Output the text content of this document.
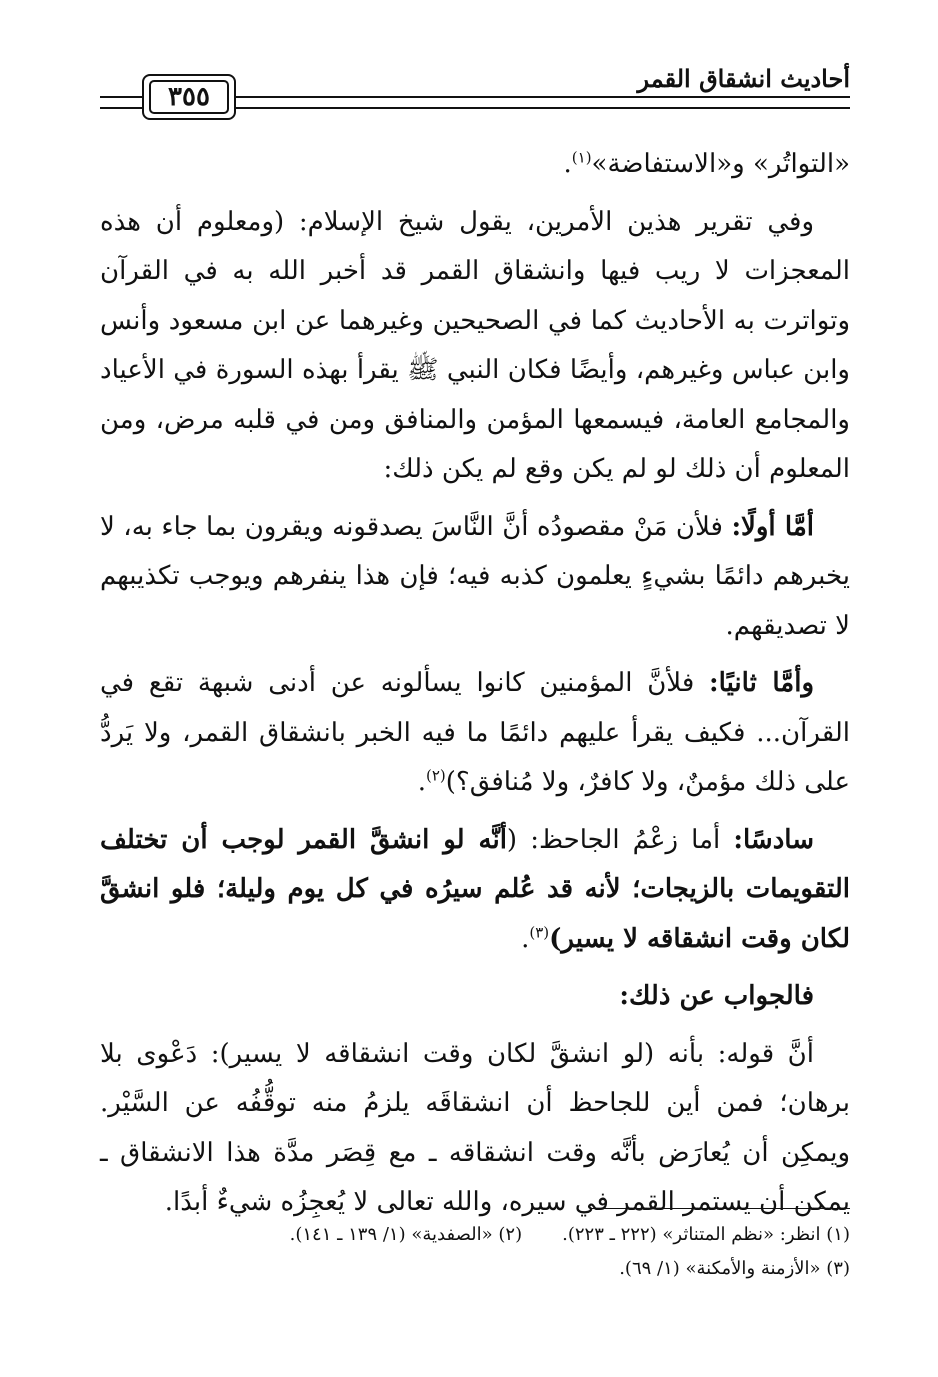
أحاديث انشقاق القمر
٣٥٥

«التواتُر» و«الاستفاضة»$^{(١)}$.

وفي تقرير هذين الأمرين، يقول شيخ الإسلام: (ومعلوم أن هذه المعجزات لا ريب فيها وانشقاق القمر قد أخبر الله به في القرآن وتواترت به الأحاديث كما في الصحيحين وغيرهما عن ابن مسعود وأنس وابن عباس وغيرهم، وأيضًا فكان النبي ﷺ يقرأ بهذه السورة في الأعياد والمجامع العامة، فيسمعها المؤمن والمنافق ومن في قلبه مرض، ومن المعلوم أن ذلك لو لم يكن وقع لم يكن ذلك:

أمَّا أولًا: فلأن مَنْ مقصودُه أنَّ النَّاسَ يصدقونه ويقرون بما جاء به، لا يخبرهم دائمًا بشيءٍ يعلمون كذبه فيه؛ فإن هذا ينفرهم ويوجب تكذيبهم لا تصديقهم.

وأمَّا ثانيًا: فلأنَّ المؤمنين كانوا يسألونه عن أدنى شبهة تقع في القرآن... فكيف يقرأ عليهم دائمًا ما فيه الخبر بانشقاق القمر، ولا يَردُّ على ذلك مؤمنٌ، ولا كافرٌ، ولا مُنافق؟)$^{(٢)}$.

سادسًا: أما زعْمُ الجاحظ: (أنَّه لو انشقَّ القمر لوجب أن تختلف التقويمات بالزيجات؛ لأنه قد عُلم سيرُه في كل يوم وليلة؛ فلو انشقَّ لكان وقت انشقاقه لا يسير)$^{(٣)}$.

فالجواب عن ذلك:

أنَّ قوله: بأنه (لو انشقَّ لكان وقت انشقاقه لا يسير): دَعْوى بلا برهان؛ فمن أين للجاحظ أن انشقاقَه يلزمُ منه توقُّفُه عن السَّيْر. ويمكِن أن يُعارَض بأنَّه وقت انشقاقه ـ مع قِصَر مدَّة هذا الانشقاق ـ يمكن أن يستمر القمر في سيره، والله تعالى لا يُعجِزُه شيءٌ أبدًا.

(١) انظر: «نظم المتناثر» (٢٢٢ ـ ٢٢٣).
(٢) «الصفدية» (١/ ١٣٩ ـ ١٤١).
(٣) «الأزمنة والأمكنة» (١/ ٦٩).
